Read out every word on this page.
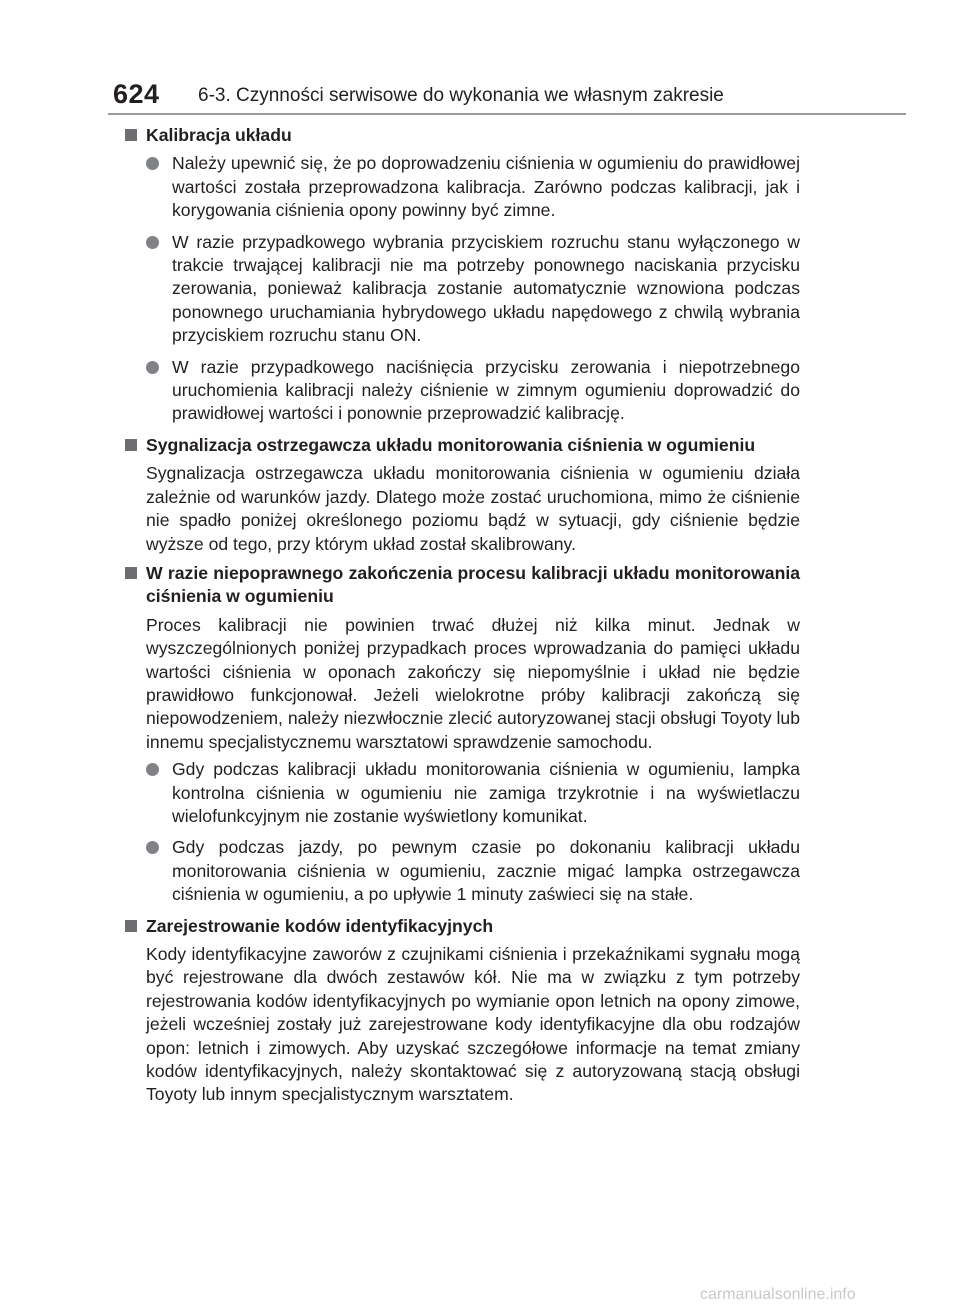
624 6-3. Czynności serwisowe do wykonania we własnym zakresie
Kalibracja układu
Należy upewnić się, że po doprowadzeniu ciśnienia w ogumieniu do prawidłowej wartości została przeprowadzona kalibracja. Zarówno podczas kalibracji, jak i korygowania ciśnienia opony powinny być zimne.
W razie przypadkowego wybrania przyciskiem rozruchu stanu wyłączonego w trakcie trwającej kalibracji nie ma potrzeby ponownego naciskania przycisku zerowania, ponieważ kalibracja zostanie automatycznie wznowiona podczas ponownego uruchamiania hybrydowego układu napędowego z chwilą wybrania przyciskiem rozruchu stanu ON.
W razie przypadkowego naciśnięcia przycisku zerowania i niepotrzebnego uruchomienia kalibracji należy ciśnienie w zimnym ogumieniu doprowadzić do prawidłowej wartości i ponownie przeprowadzić kalibrację.
Sygnalizacja ostrzegawcza układu monitorowania ciśnienia w ogumieniu
Sygnalizacja ostrzegawcza układu monitorowania ciśnienia w ogumieniu działa zależnie od warunków jazdy. Dlatego może zostać uruchomiona, mimo że ciśnienie nie spadło poniżej określonego poziomu bądź w sytuacji, gdy ciśnienie będzie wyższe od tego, przy którym układ został skalibrowany.
W razie niepoprawnego zakończenia procesu kalibracji układu monitorowania ciśnienia w ogumieniu
Proces kalibracji nie powinien trwać dłużej niż kilka minut. Jednak w wyszczególnionych poniżej przypadkach proces wprowadzania do pamięci układu wartości ciśnienia w oponach zakończy się niepomyślnie i układ nie będzie prawidłowo funkcjonował. Jeżeli wielokrotne próby kalibracji zakończą się niepowodzeniem, należy niezwłocznie zlecić autoryzowanej stacji obsługi Toyoty lub innemu specjalistycznemu warsztatowi sprawdzenie samochodu.
Gdy podczas kalibracji układu monitorowania ciśnienia w ogumieniu, lampka kontrolna ciśnienia w ogumieniu nie zamiga trzykrotnie i na wyświetlaczu wielofunkcyjnym nie zostanie wyświetlony komunikat.
Gdy podczas jazdy, po pewnym czasie po dokonaniu kalibracji układu monitorowania ciśnienia w ogumieniu, zacznie migać lampka ostrzegawcza ciśnienia w ogumieniu, a po upływie 1 minuty zaświeci się na stałe.
Zarejestrowanie kodów identyfikacyjnych
Kody identyfikacyjne zaworów z czujnikami ciśnienia i przekaźnikami sygnału mogą być rejestrowane dla dwóch zestawów kół. Nie ma w związku z tym potrzeby rejestrowania kodów identyfikacyjnych po wymianie opon letnich na opony zimowe, jeżeli wcześniej zostały już zarejestrowane kody identyfikacyjne dla obu rodzajów opon: letnich i zimowych. Aby uzyskać szczegółowe informacje na temat zmiany kodów identyfikacyjnych, należy skontaktować się z autoryzowaną stacją obsługi Toyoty lub innym specjalistycznym warsztatem.
carmanualsonline.info
